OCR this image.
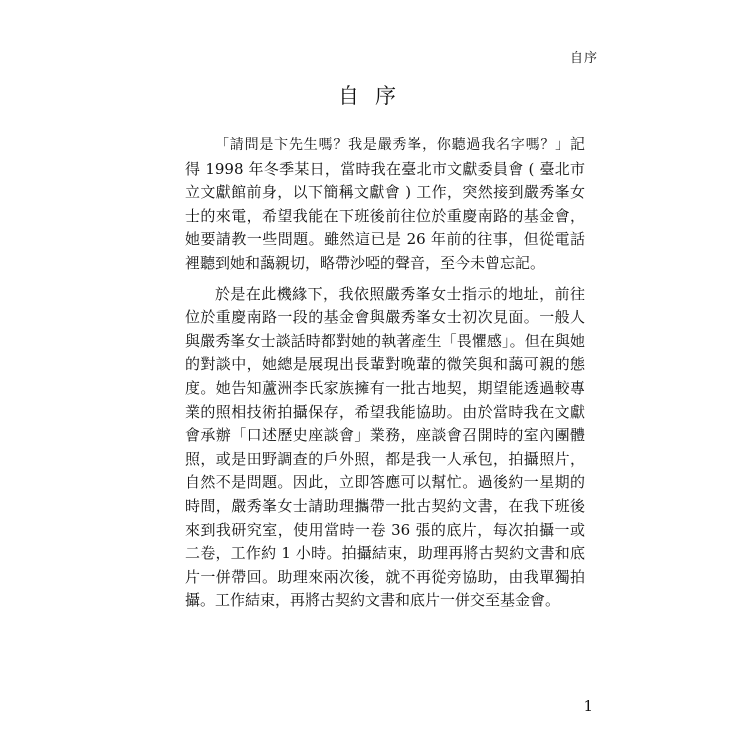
自序
自序

「請問是卞先生嗎？我是嚴秀峯，你聽過我名字嗎？」記得 1998 年冬季某日，當時我在臺北市文獻委員會 ( 臺北市立文獻館前身，以下簡稱文獻會 ) 工作，突然接到嚴秀峯女士的來電，希望我能在下班後前往位於重慶南路的基金會，她要請教一些問題。雖然這已是 26 年前的往事，但從電話裡聽到她和藹親切，略帶沙啞的聲音，至今未曾忘記。

於是在此機緣下，我依照嚴秀峯女士指示的地址，前往位於重慶南路一段的基金會與嚴秀峯女士初次見面。一般人與嚴秀峯女士談話時都對她的執著產生「畏懼感」。但在與她的對談中，她總是展現出長輩對晚輩的微笑與和藹可親的態度。她告知蘆洲李氏家族擁有一批古地契，期望能透過較專業的照相技術拍攝保存，希望我能協助。由於當時我在文獻會承辦「口述歷史座談會」業務，座談會召開時的室內團體照，或是田野調查的戶外照，都是我一人承包，拍攝照片，自然不是問題。因此，立即答應可以幫忙。過後約一星期的時間，嚴秀峯女士請助理攜帶一批古契約文書，在我下班後來到我研究室，使用當時一卷 36 張的底片，每次拍攝一或二卷，工作約 1 小時。拍攝結束，助理再將古契約文書和底片一併帶回。助理來兩次後，就不再從旁協助，由我單獨拍攝。工作結束，再將古契約文書和底片一併交至基金會。

1
